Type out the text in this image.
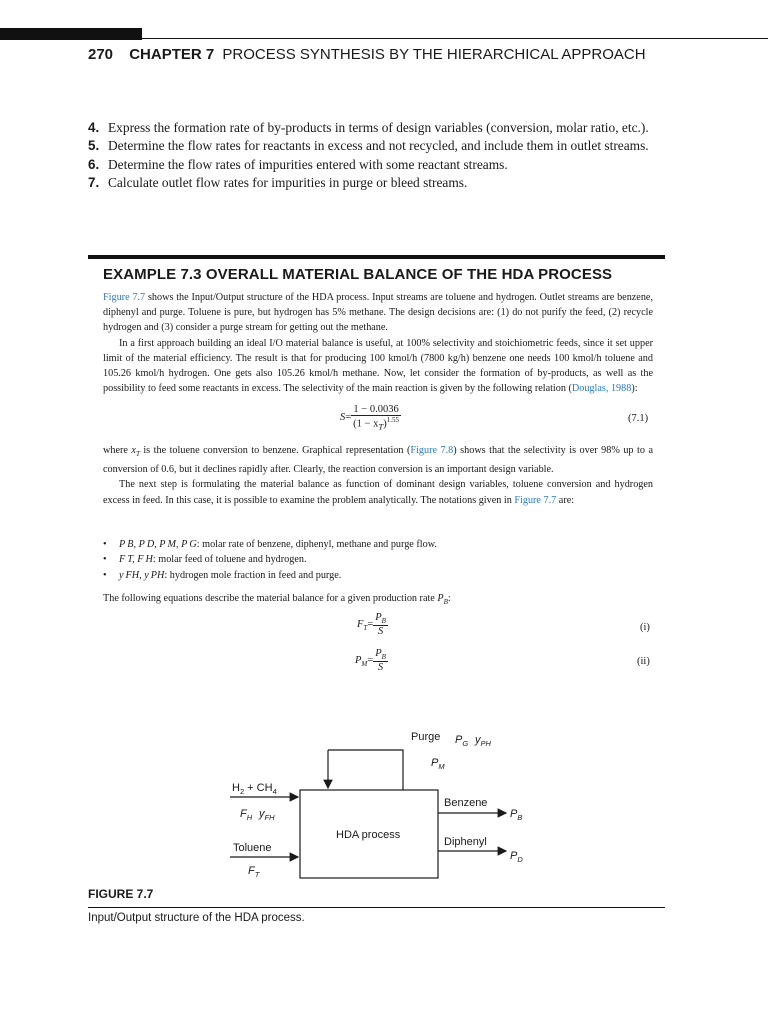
270 CHAPTER 7 PROCESS SYNTHESIS BY THE HIERARCHICAL APPROACH
4. Express the formation rate of by-products in terms of design variables (conversion, molar ratio, etc.).
5. Determine the flow rates for reactants in excess and not recycled, and include them in outlet streams.
6. Determine the flow rates of impurities entered with some reactant streams.
7. Calculate outlet flow rates for impurities in purge or bleed streams.
EXAMPLE 7.3 OVERALL MATERIAL BALANCE OF THE HDA PROCESS
Figure 7.7 shows the Input/Output structure of the HDA process. Input streams are toluene and hydrogen. Outlet streams are benzene, diphenyl and purge. Toluene is pure, but hydrogen has 5% methane. The design decisions are: (1) do not purify the feed, (2) recycle hydrogen and (3) consider a purge stream for getting out the methane.
In a first approach building an ideal I/O material balance is useful, at 100% selectivity and stoichiometric feeds, since it set upper limit of the material efficiency. The result is that for producing 100 kmol/h (7800 kg/h) benzene one needs 100 kmol/h toluene and 105.26 kmol/h hydrogen. One gets also 105.26 kmol/h methane. Now, let consider the formation of by-products, as well as the possibility to feed some reactants in excess. The selectivity of the main reaction is given by the following relation (Douglas, 1988):
$S= \frac{1 - 0.0036}{(1 - x_T)^{1.55}}$	(7.1)
where $x_T$ is the toluene conversion to benzene. Graphical representation (Figure 7.8) shows that the selectivity is over 98% up to a conversion of 0.6, but it declines rapidly after. Clearly, the reaction conversion is an important design variable.
The next step is formulating the material balance as function of dominant design variables, toluene conversion and hydrogen excess in feed. In this case, it is possible to examine the problem analytically. The notations given in Figure 7.7 are:
•	P B, P D, P M, P G: molar rate of benzene, diphenyl, methane and purge flow.
•	F T, F H: molar feed of toluene and hydrogen.
•	y FH, y PH: hydrogen mole fraction in feed and purge.
The following equations describe the material balance for a given production rate $P_B$:
$F_T= \frac{P_B}{S}$	(i)
$P_M= \frac{P_B}{S}$	(ii)
HDA process
Purge $P_G$ $y_{PH}$
$P_M$
$H_2 + CH_4$
$F_H$ $y_{FH}$
Toluene
$F_T$
Benzene
$P_B$
Diphenyl
$P_D$
FIGURE 7.7
Input/Output structure of the HDA process.
